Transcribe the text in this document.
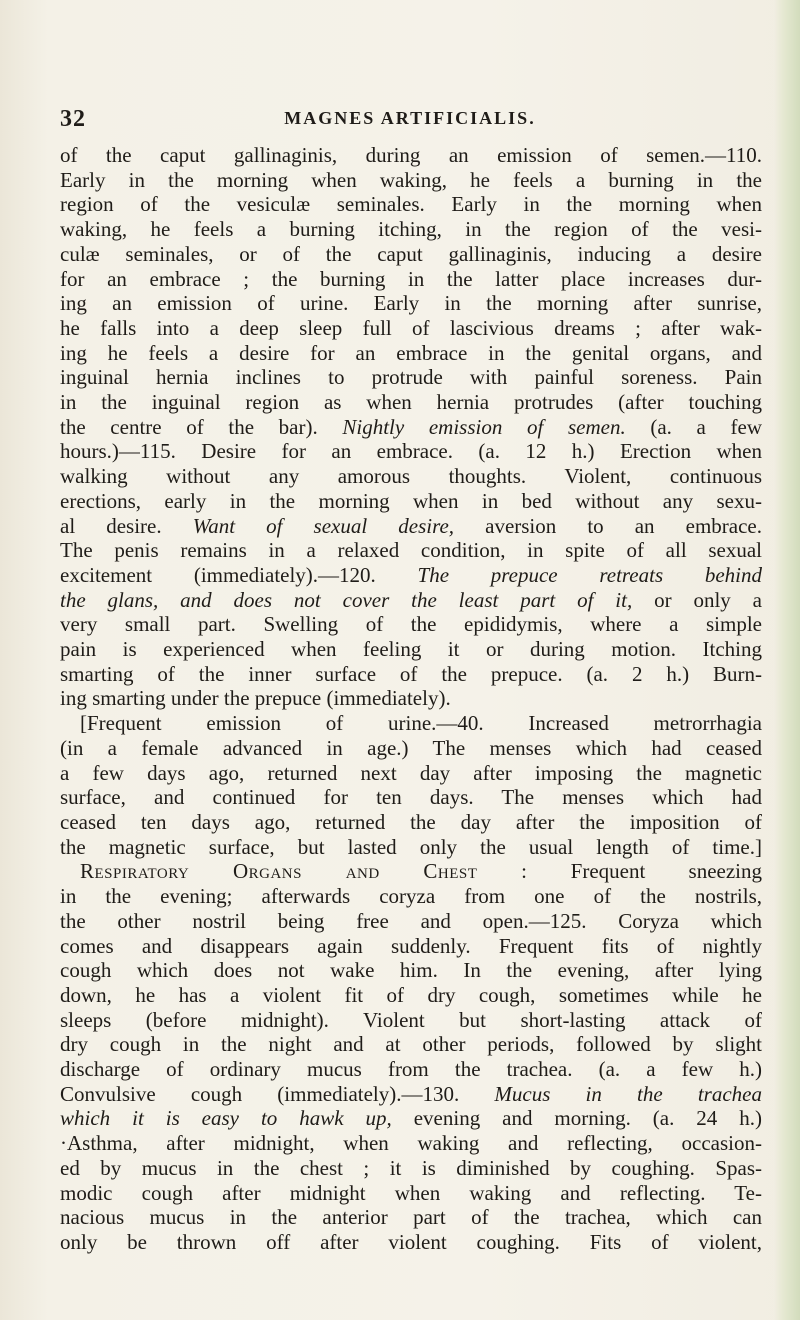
32	MAGNES ARTIFICIALIS.
of the caput gallinaginis, during an emission of semen.—110.
Early in the morning when waking, he feels a burning in the
region of the vesiculæ seminales. Early in the morning when
waking, he feels a burning itching, in the region of the vesi-
culæ seminales, or of the caput gallinaginis, inducing a desire
for an embrace ; the burning in the latter place increases dur-
ing an emission of urine. Early in the morning after sunrise,
he falls into a deep sleep full of lascivious dreams ; after wak-
ing he feels a desire for an embrace in the genital organs, and
inguinal hernia inclines to protrude with painful soreness. Pain
in the inguinal region as when hernia protrudes (after touching
the centre of the bar). Nightly emission of semen. (a. a few
hours.)—115. Desire for an embrace. (a. 12 h.) Erection when
walking without any amorous thoughts. Violent, continuous
erections, early in the morning when in bed without any sexu-
al desire. Want of sexual desire, aversion to an embrace.
The penis remains in a relaxed condition, in spite of all sexual
excitement (immediately).—120. The prepuce retreats behind
the glans, and does not cover the least part of it, or only a
very small part. Swelling of the epididymis, where a simple
pain is experienced when feeling it or during motion. Itching
smarting of the inner surface of the prepuce. (a. 2 h.) Burn-
ing smarting under the prepuce (immediately).
[Frequent emission of urine.—40. Increased metrorrhagia
(in a female advanced in age.) The menses which had ceased
a few days ago, returned next day after imposing the magnetic
surface, and continued for ten days. The menses which had
ceased ten days ago, returned the day after the imposition of
the magnetic surface, but lasted only the usual length of time.]
Respiratory Organs and Chest : Frequent sneezing
in the evening; afterwards coryza from one of the nostrils,
the other nostril being free and open.—125. Coryza which
comes and disappears again suddenly. Frequent fits of nightly
cough which does not wake him. In the evening, after lying
down, he has a violent fit of dry cough, sometimes while he
sleeps (before midnight). Violent but short-lasting attack of
dry cough in the night and at other periods, followed by slight
discharge of ordinary mucus from the trachea. (a. a few h.)
Convulsive cough (immediately).—130. Mucus in the trachea
which it is easy to hawk up, evening and morning. (a. 24 h.)
·Asthma, after midnight, when waking and reflecting, occasion-
ed by mucus in the chest ; it is diminished by coughing. Spas-
modic cough after midnight when waking and reflecting. Te-
nacious mucus in the anterior part of the trachea, which can
only be thrown off after violent coughing. Fits of violent,
